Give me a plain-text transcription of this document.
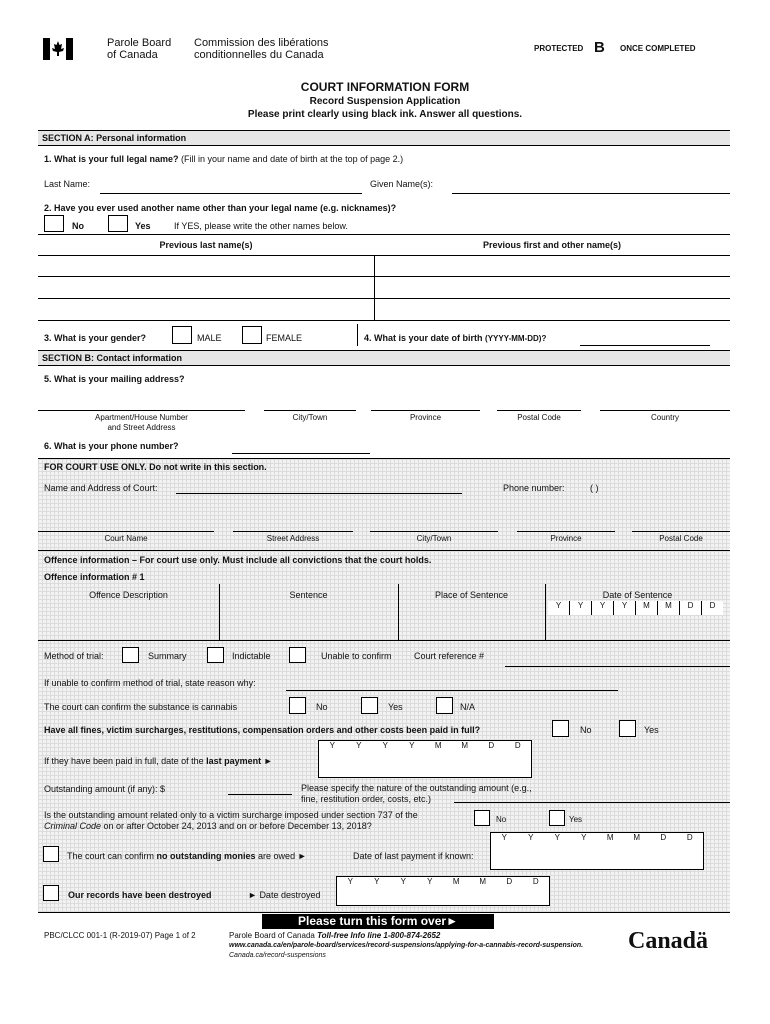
Parole Board
of Canada
Commission des libérations
conditionnelles du Canada
PROTECTED B ONCE COMPLETED
COURT INFORMATION FORM
Record Suspension Application
Please print clearly using black ink. Answer all questions.
SECTION A: Personal information
1. What is your full legal name? (Fill in your name and date of birth at the top of page 2.)
Last Name:	Given Name(s):
2. Have you ever used another name other than your legal name (e.g. nicknames)?
No	Yes	If YES, please write the other names below.
Previous last name(s)	Previous first and other name(s)
3. What is your gender?	MALE	FEMALE	4. What is your date of birth (YYYY-MM-DD)?
SECTION B: Contact information
5. What is your mailing address?
Apartment/House Number
and Street Address
City/Town	Province	Postal Code	Country
6. What is your phone number?
FOR COURT USE ONLY. Do not write in this section.
Name and Address of Court:	Phone number:	( )
Court Name	Street Address	City/Town	Province	Postal Code
Offence information – For court use only. Must include all convictions that the court holds.
Offence information # 1
Offence Description	Sentence	Place of Sentence	Date of Sentence
Y	Y	Y	Y	M	M	D	D
Method of trial:	Summary	Indictable	Unable to confirm Court reference #
If unable to confirm method of trial, state reason why:
The court can confirm the substance is cannabis	No	Yes	N/A
Have all fines, victim surcharges, restitutions, compensation orders and other costs been paid in full?	No	Yes
If they have been paid in full, date of the last payment ►
Y	Y	Y	Y	M	M	D	D
Outstanding amount (if any): $	Please specify the nature of the outstanding amount (e.g.,
fine, restitution order, costs, etc.)
Is the outstanding amount related only to a victim surcharge imposed under section 737 of the
Criminal Code on or after October 24, 2013 and on or before December 13, 2018?
No	Yes
The court can confirm no outstanding monies are owed ►	Date of last payment if known:
Y	Y	Y	Y	M	M	D	D
Our records have been destroyed	► Date destroyed
Y	Y	Y	Y	M	M	D	D
Please turn this form over►
PBC/CLCC 001-1 (R-2019-07) Page 1 of 2	Parole Board of Canada Toll-free Info line 1-800-874-2652
www.canada.ca/en/parole-board/services/record-suspensions/applying-for-a-cannabis-record-suspension.
Canada.ca/record-suspensions
Canadä
